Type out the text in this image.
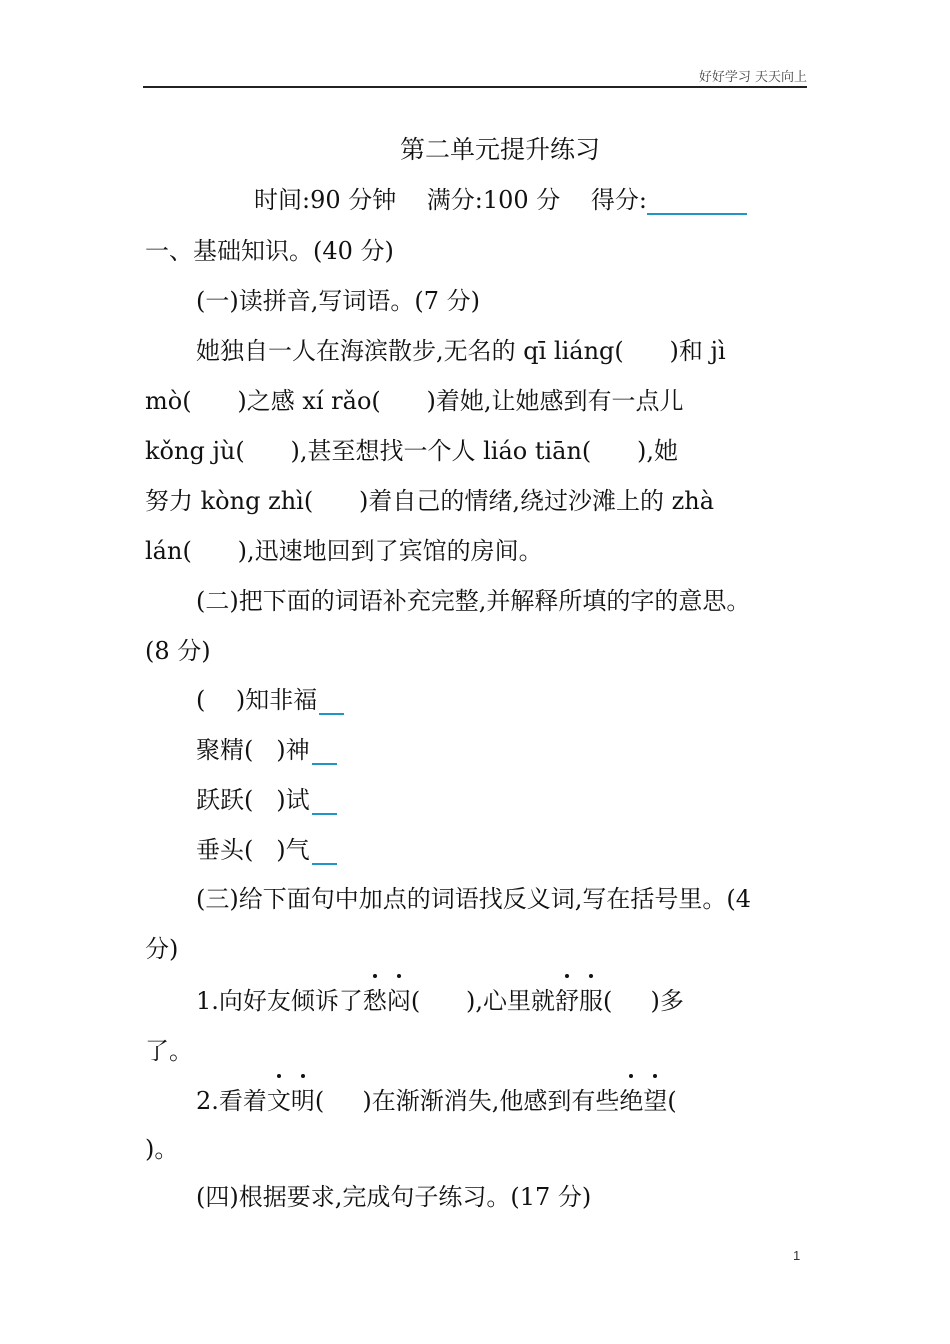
好好学习 天天向上
第二单元提升练习
时间:90 分钟 满分:100 分 得分:
一、基础知识。(40 分)
(一)读拼音,写词语。(7 分)
她独自一人在海滨散步,无名的 qī liáng(      )和 jì
mò(      )之感 xí rǎo(      )着她,让她感到有一点儿
kǒng jù(      ),甚至想找一个人 liáo tiān(      ),她
努力 kòng zhì(      )着自己的情绪,绕过沙滩上的 zhà
lán(      ),迅速地回到了宾馆的房间。
(二)把下面的词语补充完整,并解释所填的字的意思。
(8 分)
(    )知非福
聚精(   )神
跃跃(   )试
垂头(   )气
(三)给下面句中加点的词语找反义词,写在括号里。(4
分)
1.向好友倾诉了愁闷(      ),心里就舒服(     )多
了。
2.看着文明(     )在渐渐消失,他感到有些绝望(
)。
(四)根据要求,完成句子练习。(17 分)
1
